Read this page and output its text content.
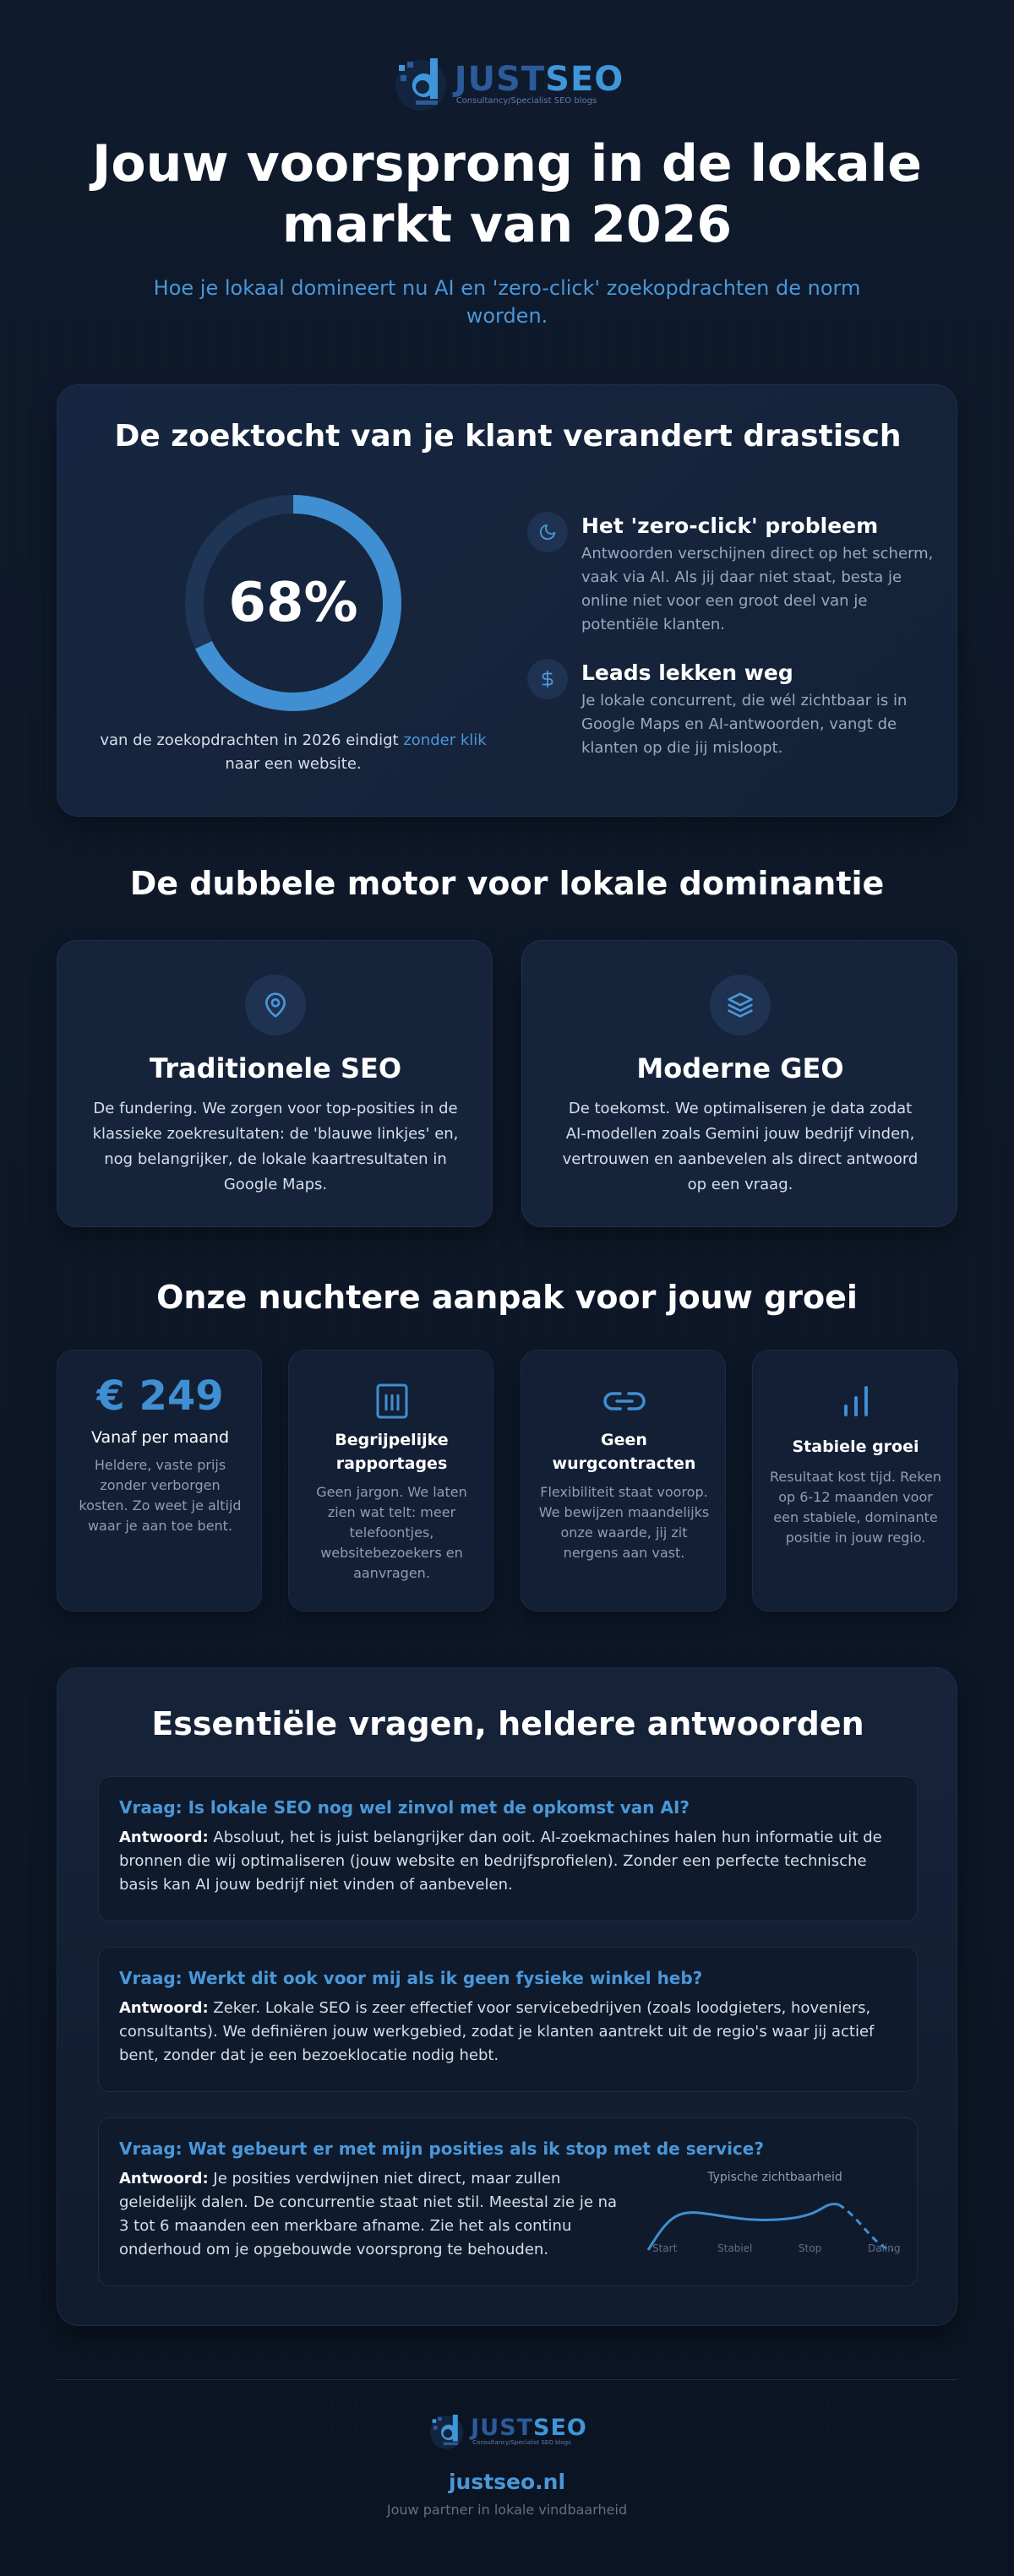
JUSTSEO
Consultancy/Specialist SEO blogs
Jouw voorsprong in de lokale markt van 2026

Hoe je lokaal domineert nu AI en 'zero-click' zoekopdrachten de norm worden.

De zoektocht van je klant verandert drastisch
68%

van de zoekopdrachten in 2026 eindigt zonder klik naar een website.

Het 'zero-click' probleem
Antwoorden verschijnen direct op het scherm, vaak via AI. Als jij daar niet staat, besta je online niet voor een groot deel van je potentiële klanten.
Leads lekken weg
Je lokale concurrent, die wél zichtbaar is in Google Maps en AI-antwoorden, vangt de klanten op die jij misloopt.
De dubbele motor voor lokale dominantie
Traditionele SEO

De fundering. We zorgen voor top-posities in de klassieke zoekresultaten: de 'blauwe linkjes' en, nog belangrijker, de lokale kaartresultaten in Google Maps.

Moderne GEO

De toekomst. We optimaliseren je data zodat AI-modellen zoals Gemini jouw bedrijf vinden, vertrouwen en aanbevelen als direct antwoord op een vraag.

Onze nuchtere aanpak voor jouw groei
€ 249
Vanaf per maand

Heldere, vaste prijs zonder verborgen kosten. Zo weet je altijd waar je aan toe bent.

Begrijpelijke rapportages

Geen jargon. We laten zien wat telt: meer telefoontjes, websitebezoekers en aanvragen.

Geen wurgcontracten

Flexibiliteit staat voorop. We bewijzen maandelijks onze waarde, jij zit nergens aan vast.

Stabiele groei

Resultaat kost tijd. Reken op 6-12 maanden voor een stabiele, dominante positie in jouw regio.

Essentiële vragen, heldere antwoorden
Vraag: Is lokale SEO nog wel zinvol met de opkomst van AI?

Antwoord: Absoluut, het is juist belangrijker dan ooit. AI-zoekmachines halen hun informatie uit de bronnen die wij optimaliseren (jouw website en bedrijfsprofielen). Zonder een perfecte technische basis kan AI jouw bedrijf niet vinden of aanbevelen.

Vraag: Werkt dit ook voor mij als ik geen fysieke winkel heb?

Antwoord: Zeker. Lokale SEO is zeer effectief voor servicebedrijven (zoals loodgieters, hoveniers, consultants). We definiëren jouw werkgebied, zodat je klanten aantrekt uit de regio's waar jij actief bent, zonder dat je een bezoeklocatie nodig hebt.

Vraag: Wat gebeurt er met mijn posities als ik stop met de service?

Antwoord: Je posities verdwijnen niet direct, maar zullen geleidelijk dalen. De concurrentie staat niet stil. Meestal zie je na 3 tot 6 maanden een merkbare afname. Zie het als continu onderhoud om je opgebouwde voorsprong te behouden.

Typische zichtbaarheid
Start	Stabiel	Stop	Daling
JUSTSEO
Consultancy/Specialist SEO blogs
justseo.nl
Jouw partner in lokale vindbaarheid
